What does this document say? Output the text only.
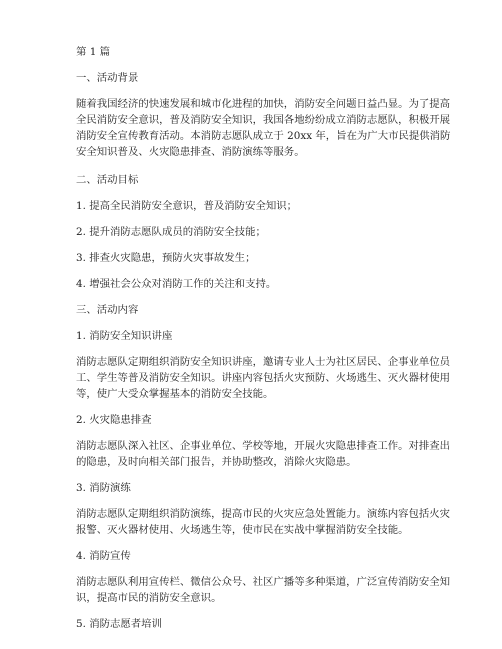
第 1 篇

一、活动背景

随着我国经济的快速发展和城市化进程的加快，消防安全问题日益凸显。为了提高
全民消防安全意识，普及消防安全知识，我国各地纷纷成立消防志愿队，积极开展
消防安全宣传教育活动。本消防志愿队成立于 20xx 年，旨在为广大市民提供消防
安全知识普及、火灾隐患排查、消防演练等服务。

二、活动目标

1. 提高全民消防安全意识，普及消防安全知识；

2. 提升消防志愿队成员的消防安全技能；

3. 排查火灾隐患，预防火灾事故发生；

4. 增强社会公众对消防工作的关注和支持。

三、活动内容

1. 消防安全知识讲座

消防志愿队定期组织消防安全知识讲座，邀请专业人士为社区居民、企事业单位员
工、学生等普及消防安全知识。讲座内容包括火灾预防、火场逃生、灭火器材使用
等，使广大受众掌握基本的消防安全技能。

2. 火灾隐患排查

消防志愿队深入社区、企事业单位、学校等地，开展火灾隐患排查工作。对排查出
的隐患，及时向相关部门报告，并协助整改，消除火灾隐患。

3. 消防演练

消防志愿队定期组织消防演练，提高市民的火灾应急处置能力。演练内容包括火灾
报警、灭火器材使用、火场逃生等，使市民在实战中掌握消防安全技能。

4. 消防宣传

消防志愿队利用宣传栏、微信公众号、社区广播等多种渠道，广泛宣传消防安全知
识，提高市民的消防安全意识。

5. 消防志愿者培训
